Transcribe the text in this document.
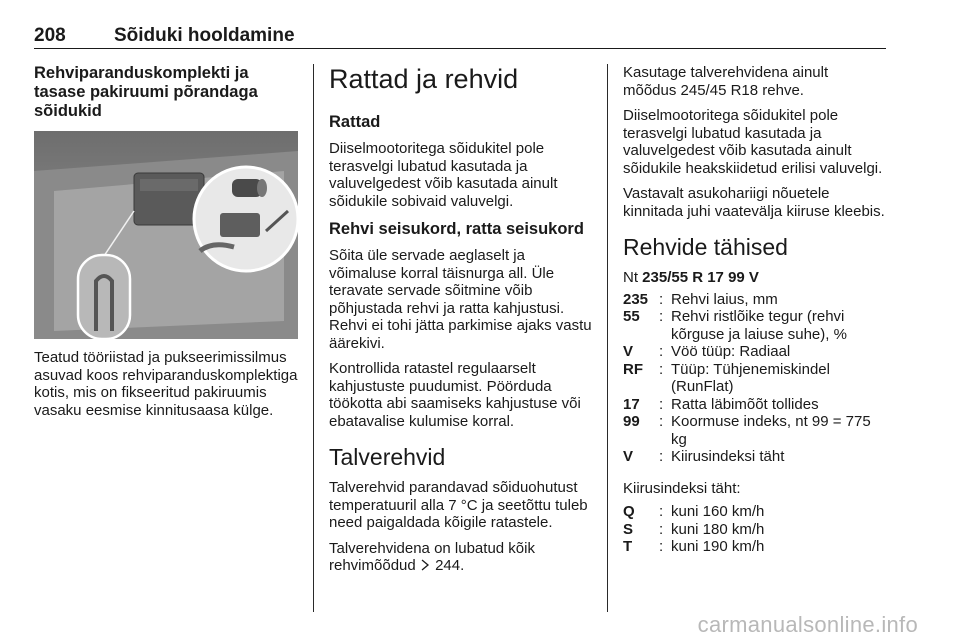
208	Sõiduki hooldamine
Rehviparanduskomplekti ja tasase pakiruumi põrandaga sõidukid
Teatud tööriistad ja pukseerimissilmus asuvad koos rehviparanduskomplektiga kotis, mis on fikseeritud pakiruumis vasaku eesmise kinnitusaasa külge.
Rattad ja rehvid
Rattad
Diiselmootoritega sõidukitel pole terasvelgi lubatud kasutada ja valuvelgedest võib kasutada ainult sõidukile sobivaid valuvelgi.
Rehvi seisukord, ratta seisukord
Sõita üle servade aeglaselt ja võimaluse korral täisnurga all. Üle teravate servade sõitmine võib põhjustada rehvi ja ratta kahjustusi. Rehvi ei tohi jätta parkimise ajaks vastu äärekivi.
Kontrollida ratastel regulaarselt kahjustuste puudumist. Pöörduda töökotta abi saamiseks kahjustuse või ebatavalise kulumise korral.
Talverehvid
Talverehvid parandavad sõiduohutust temperatuuril alla 7 °C ja seetõttu tuleb need paigaldada kõigile ratastele.
Talverehvidena on lubatud kõik rehvimõõdud  244.
Kasutage talverehvidena ainult mõõdus 245/45 R18 rehve.
Diiselmootoritega sõidukitel pole terasvelgi lubatud kasutada ja valuvelgedest võib kasutada ainult sõidukile heakskiidetud erilisi valuvelgi.
Vastavalt asukohariigi nõuetele kinnitada juhi vaatevälja kiiruse kleebis.
Rehvide tähised
Nt 235/55 R 17 99 V
235	:	Rehvi laius, mm
55	:	Rehvi ristlõike tegur (rehvi kõrguse ja laiuse suhe), %
V	:	Vöö tüüp: Radiaal
RF	:	Tüüp: Tühjenemiskindel (RunFlat)
17	:	Ratta läbimõõt tollides
99	:	Koormuse indeks, nt 99 = 775 kg
V	:	Kiirusindeksi täht
Kiirusindeksi täht:
Q	:	kuni 160 km/h
S	:	kuni 180 km/h
T	:	kuni 190 km/h
carmanualsonline.info
